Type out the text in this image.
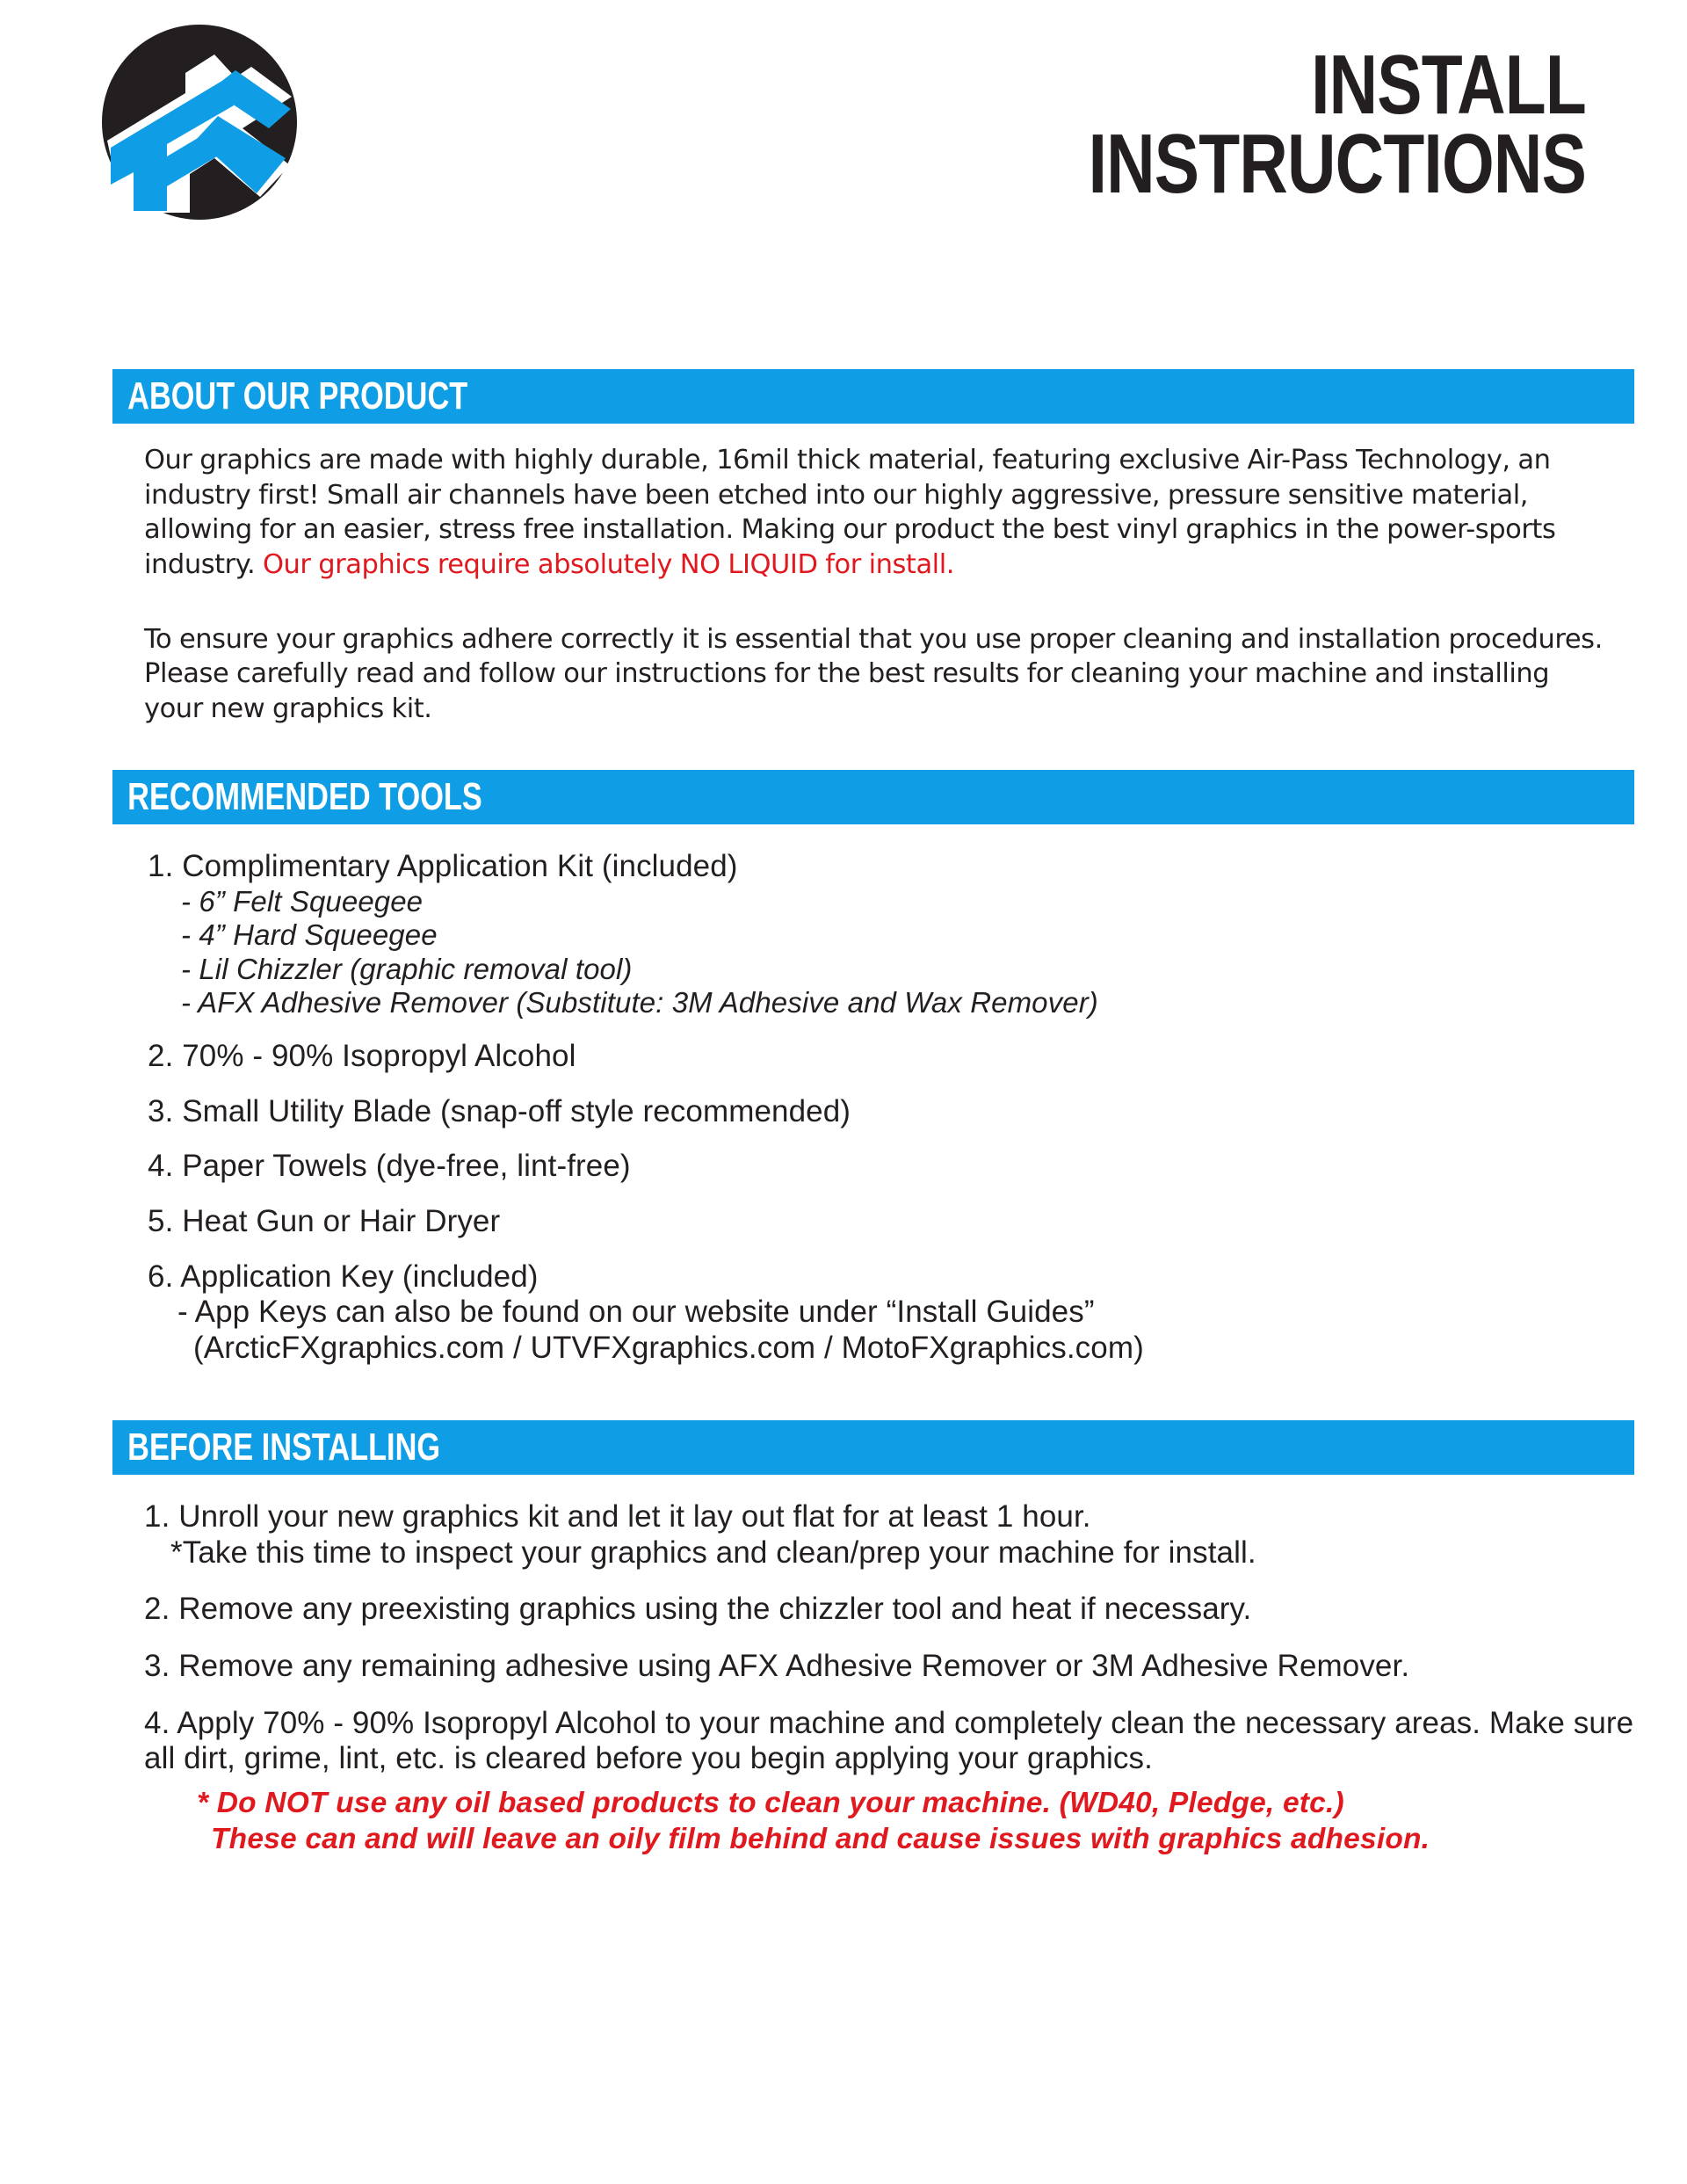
INSTALL
INSTRUCTIONS
ABOUT OUR PRODUCT

Our graphics are made with highly durable, 16mil thick material, featuring exclusive Air-Pass Technology, an industry first! Small air channels have been etched into our highly aggressive, pressure sensitive material, allowing for an easier, stress free installation. Making our product the best vinyl graphics in the power-sports industry. Our graphics require absolutely NO LIQUID for install.

To ensure your graphics adhere correctly it is essential that you use proper cleaning and installation procedures. Please carefully read and follow our instructions for the best results for cleaning your machine and installing your new graphics kit.

RECOMMENDED TOOLS
1. Complimentary Application Kit (included)
- 6” Felt Squeegee
- 4” Hard Squeegee
- Lil Chizzler (graphic removal tool)
- AFX Adhesive Remover (Substitute: 3M Adhesive and Wax Remover)
2. 70% - 90% Isopropyl Alcohol
3. Small Utility Blade (snap-off style recommended)
4. Paper Towels (dye-free, lint-free)
5. Heat Gun or Hair Dryer
6. Application Key (included)
- App Keys can also be found on our website under “Install Guides”
(ArcticFXgraphics.com / UTVFXgraphics.com / MotoFXgraphics.com)
BEFORE INSTALLING
1. Unroll your new graphics kit and let it lay out flat for at least 1 hour.
*Take this time to inspect your graphics and clean/prep your machine for install.
2. Remove any preexisting graphics using the chizzler tool and heat if necessary.
3. Remove any remaining adhesive using AFX Adhesive Remover or 3M Adhesive Remover.
4. Apply 70% - 90% Isopropyl Alcohol to your machine and completely clean the necessary areas. Make sure all dirt, grime, lint, etc. is cleared before you begin applying your graphics.
* Do NOT use any oil based products to clean your machine. (WD40, Pledge, etc.)
These can and will leave an oily film behind and cause issues with graphics adhesion.
